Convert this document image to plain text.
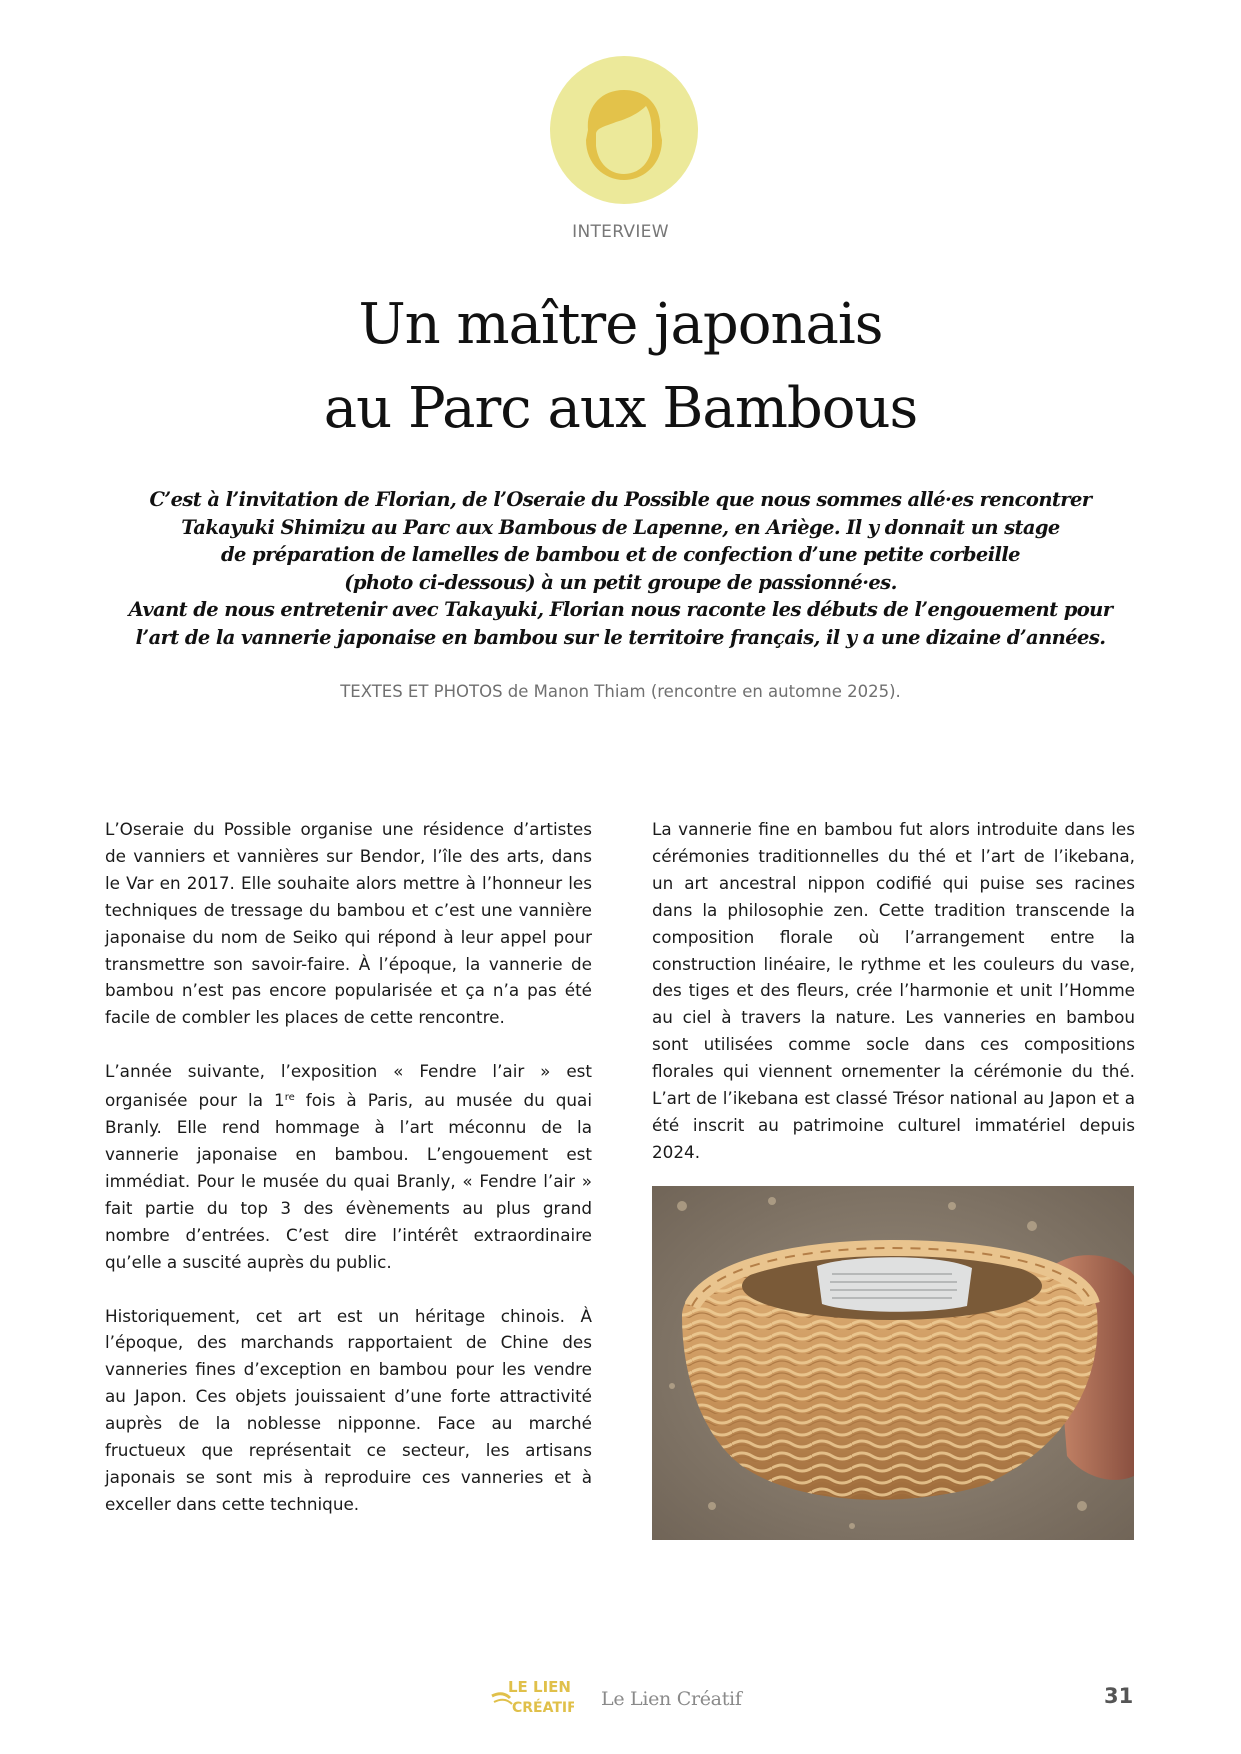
INTERVIEW
Un maître japonais
au Parc aux Bambous
C’est à l’invitation de Florian, de l’Oseraie du Possible que nous sommes allé·es rencontrer
Takayuki Shimizu au Parc aux Bambous de Lapenne, en Ariège. Il y donnait un stage
de préparation de lamelles de bambou et de confection d’une petite corbeille
(photo ci-dessous) à un petit groupe de passionné·es.
Avant de nous entretenir avec Takayuki, Florian nous raconte les débuts de l’engouement pour
l’art de la vannerie japonaise en bambou sur le territoire français, il y a une dizaine d’années.
TEXTES ET PHOTOS de Manon Thiam (rencontre en automne 2025).

L’Oseraie du Possible organise une résidence d’artistes de vanniers et vannières sur Bendor, l’île des arts, dans le Var en 2017. Elle souhaite alors mettre à l’honneur les techniques de tressage du bambou et c’est une vannière japonaise du nom de Seiko qui répond à leur appel pour transmettre son savoir-faire. À l’époque, la vannerie de bambou n’est pas encore popularisée et ça n’a pas été facile de combler les places de cette rencontre.

L’année suivante, l’exposition « Fendre l’air » est organisée pour la 1re fois à Paris, au musée du quai Branly. Elle rend hommage à l’art méconnu de la vannerie japonaise en bambou. L’engouement est immédiat. Pour le musée du quai Branly, « Fendre l’air » fait partie du top 3 des évènements au plus grand nombre d’entrées. C’est dire l’intérêt extraordinaire qu’elle a suscité auprès du public.

Historiquement, cet art est un héritage chinois. À l’époque, des marchands rapportaient de Chine des vanneries fines d’exception en bambou pour les vendre au Japon. Ces objets jouissaient d’une forte attractivité auprès de la noblesse nipponne. Face au marché fructueux que représentait ce secteur, les artisans japonais se sont mis à reproduire ces vanneries et à exceller dans cette technique.

La vannerie fine en bambou fut alors introduite dans les cérémonies traditionnelles du thé et l’art de l’ikebana, un art ancestral nippon codifié qui puise ses racines dans la philosophie zen. Cette tradition transcende la composition florale où l’arrangement entre la construction linéaire, le rythme et les couleurs du vase, des tiges et des fleurs, crée l’harmonie et unit l’Homme au ciel à travers la nature. Les vanneries en bambou sont utilisées comme socle dans ces compositions florales qui viennent ornementer la cérémonie du thé. L’art de l’ikebana est classé Trésor national au Japon et a été inscrit au patrimoine culturel immatériel depuis 2024.

LE LIEN
CRÉATIF Le Lien Créatif	31
